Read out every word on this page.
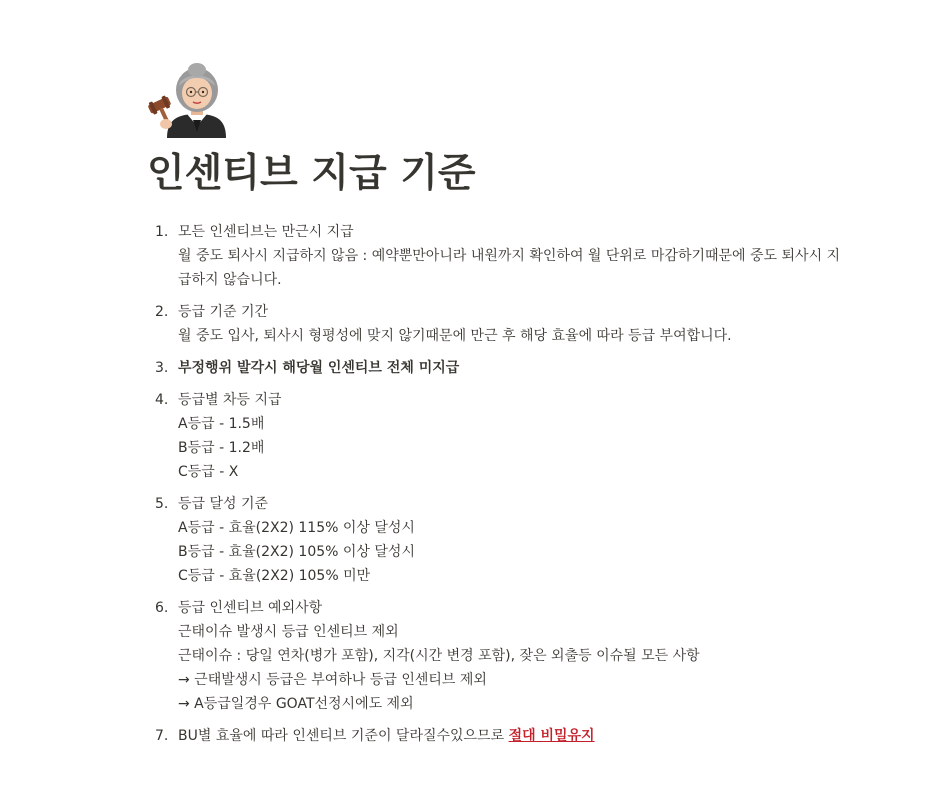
인센티브 지급 기준
1. 모든 인센티브는 만근시 지급
월 중도 퇴사시 지급하지 않음 : 예약뿐만아니라 내원까지 확인하여 월 단위로 마감하기때문에 중도 퇴사시 지급하지 않습니다.
2. 등급 기준 기간
월 중도 입사, 퇴사시 형평성에 맞지 않기때문에 만근 후 해당 효율에 따라 등급 부여합니다.
3. 부정행위 발각시 해당월 인센티브 전체 미지급
4. 등급별 차등 지급
A등급 - 1.5배
B등급 - 1.2배
C등급 - X
5. 등급 달성 기준
A등급 - 효율(2X2) 115% 이상 달성시
B등급 - 효율(2X2) 105% 이상 달성시
C등급 - 효율(2X2) 105% 미만
6. 등급 인센티브 예외사항
근태이슈 발생시 등급 인센티브 제외
근태이슈 : 당일 연차(병가 포함), 지각(시간 변경 포함), 잦은 외출등 이슈될 모든 사항
→ 근태발생시 등급은 부여하나 등급 인센티브 제외
→ A등급일경우 GOAT선정시에도 제외
7. BU별 효율에 따라 인센티브 기준이 달라질수있으므로 절대 비밀유지
